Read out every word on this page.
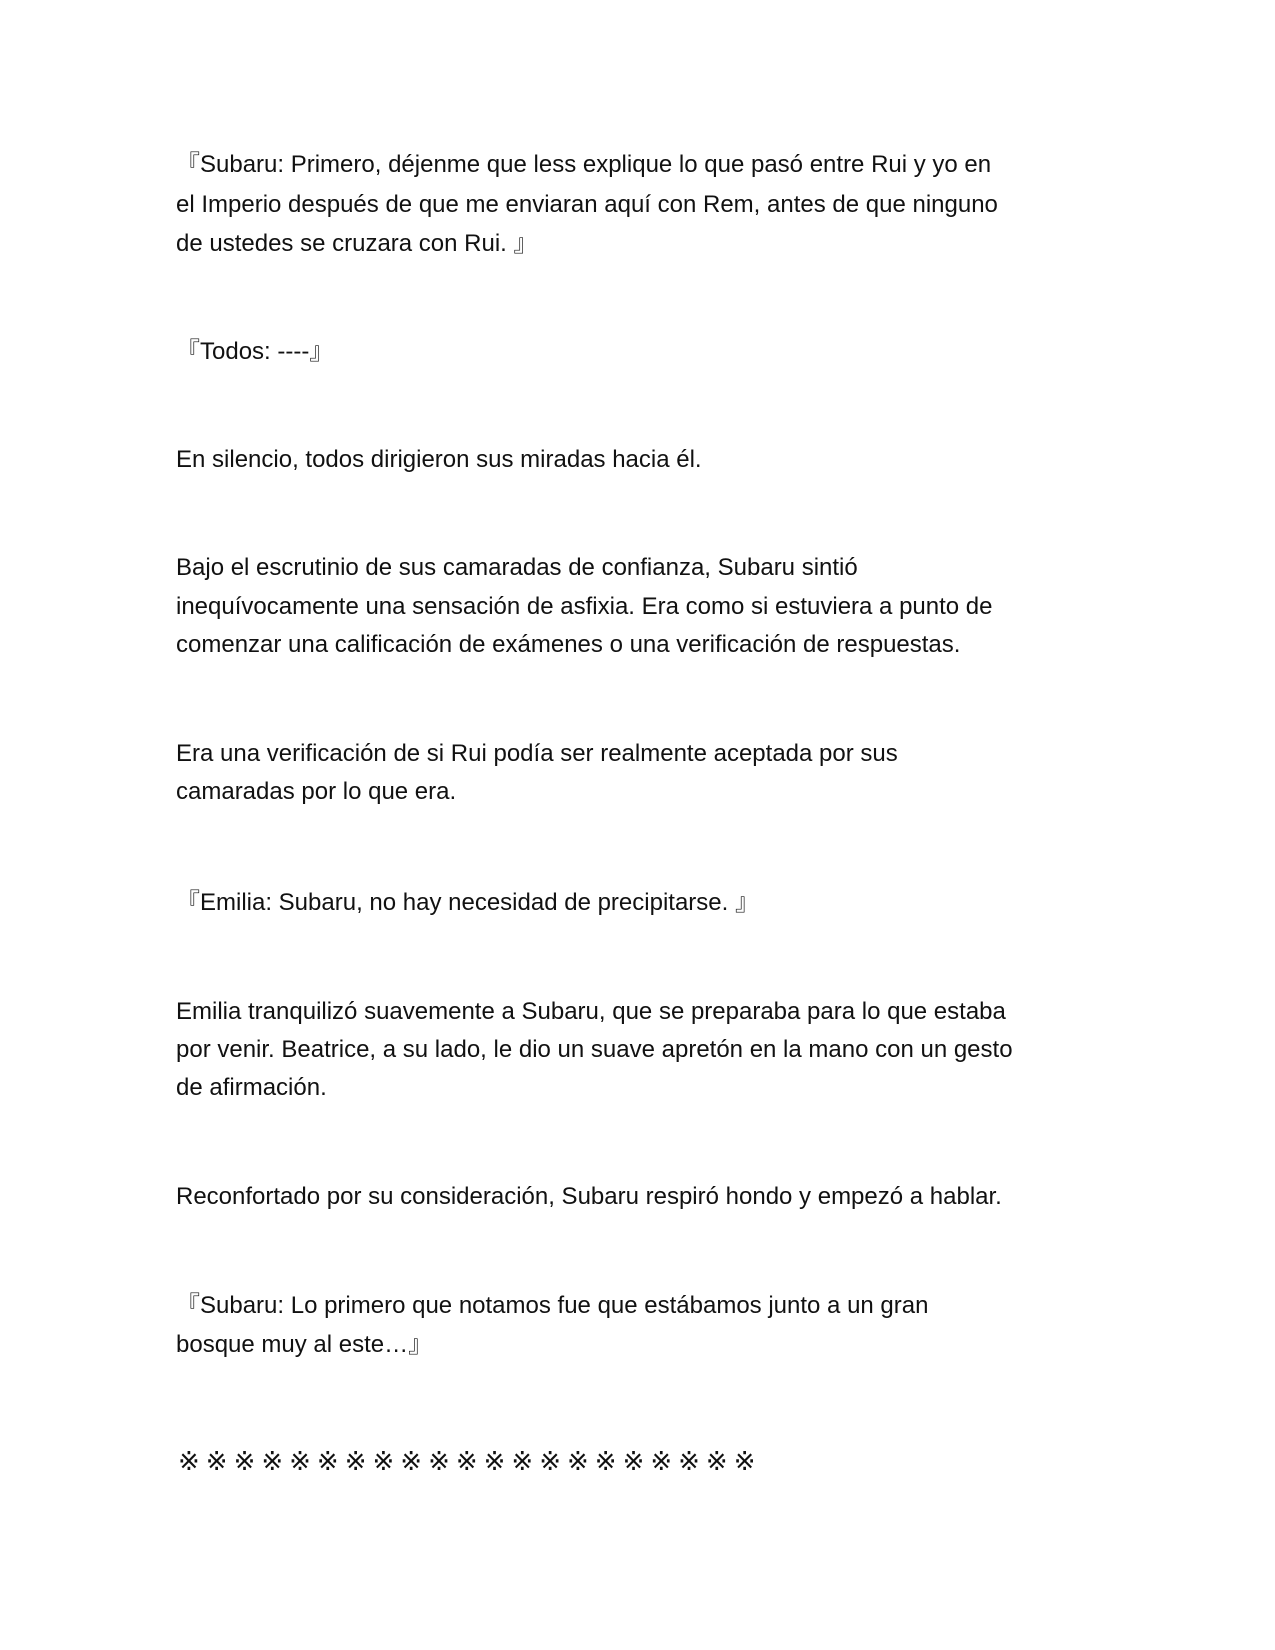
『Subaru: Primero, déjenme que less explique lo que pasó entre Rui y yo en
el Imperio después de que me enviaran aquí con Rem, antes de que ninguno
de ustedes se cruzara con Rui. 』
『Todos: ----』
En silencio, todos dirigieron sus miradas hacia él.
Bajo el escrutinio de sus camaradas de confianza, Subaru sintió
inequívocamente una sensación de asfixia. Era como si estuviera a punto de
comenzar una calificación de exámenes o una verificación de respuestas.
Era una verificación de si Rui podía ser realmente aceptada por sus
camaradas por lo que era.
『Emilia: Subaru, no hay necesidad de precipitarse. 』
Emilia tranquilizó suavemente a Subaru, que se preparaba para lo que estaba
por venir. Beatrice, a su lado, le dio un suave apretón en la mano con un gesto
de afirmación.
Reconfortado por su consideración, Subaru respiró hondo y empezó a hablar.
『Subaru: Lo primero que notamos fue que estábamos junto a un gran
bosque muy al este…』
※※※※※※※※※※※※※※※※※※※※※
